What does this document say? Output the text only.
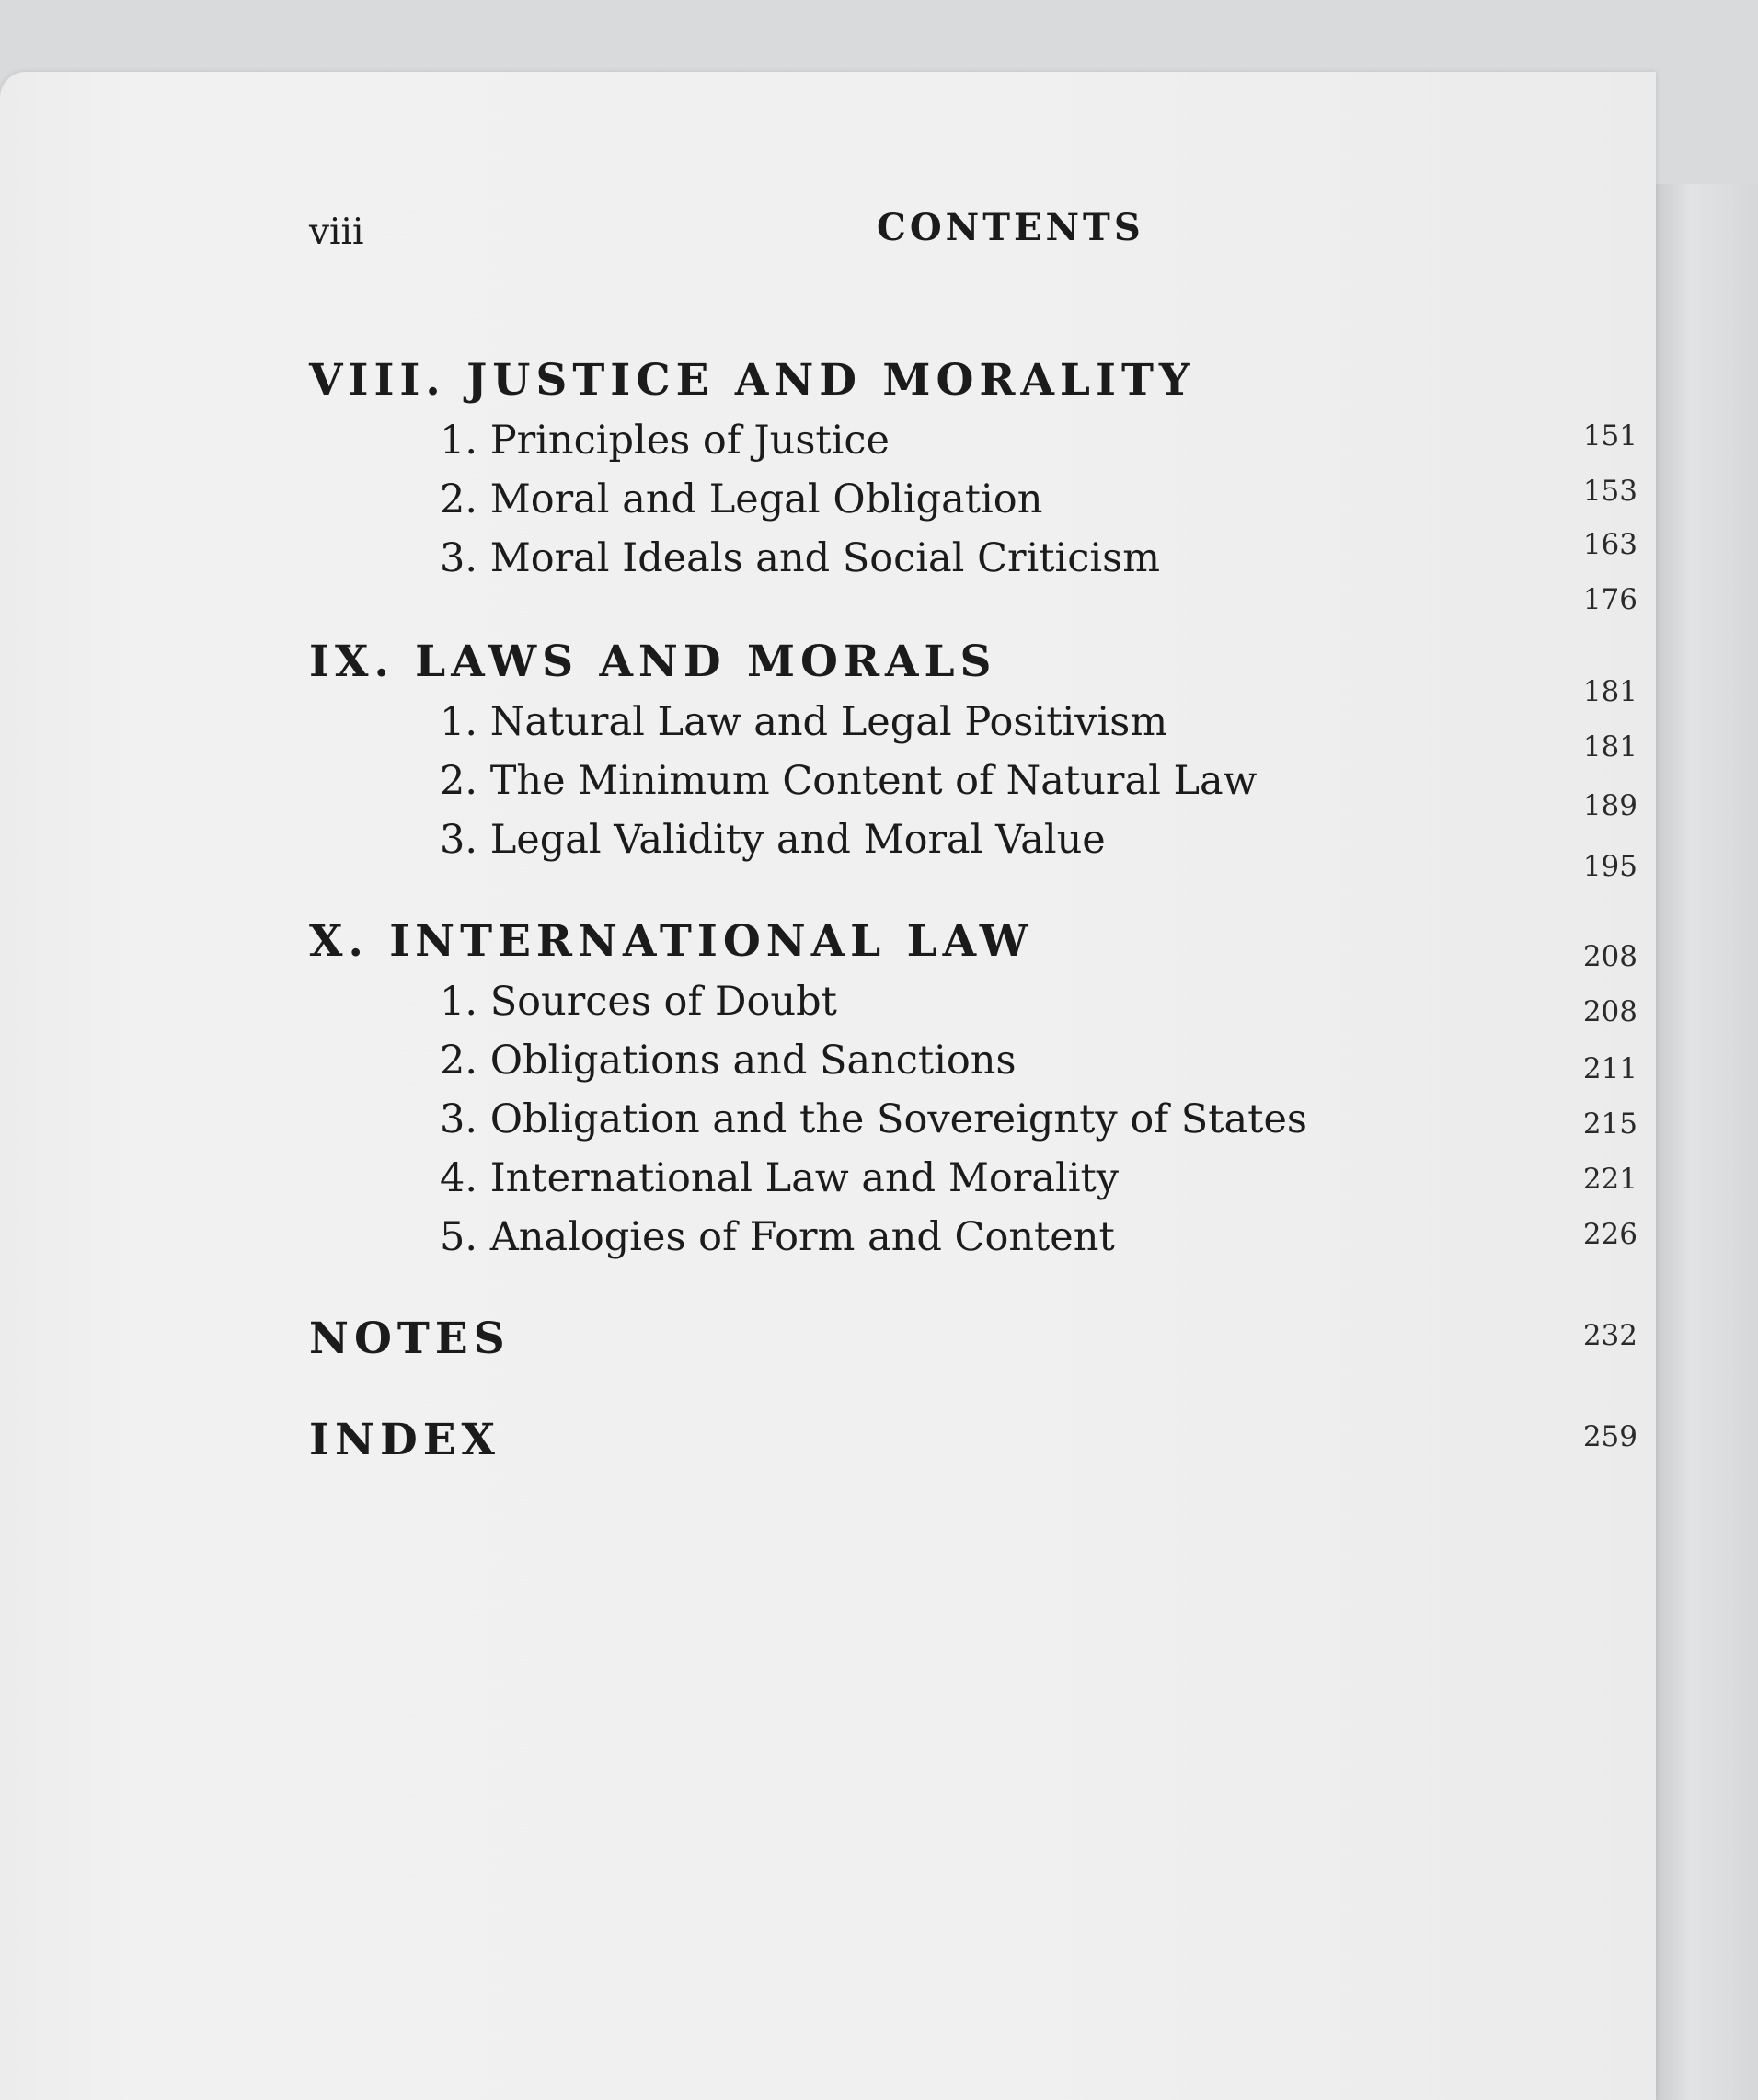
viii	CONTENTS
VIII. JUSTICE AND MORALITY
1. Principles of Justice
2. Moral and Legal Obligation
3. Moral Ideals and Social Criticism
IX. LAWS AND MORALS
1. Natural Law and Legal Positivism
2. The Minimum Content of Natural Law
3. Legal Validity and Moral Value
X. INTERNATIONAL LAW
1. Sources of Doubt
2. Obligations and Sanctions
3. Obligation and the Sovereignty of States
4. International Law and Morality
5. Analogies of Form and Content
NOTES
INDEX
151
153
163
176
181
181
189
195
208
208
211
215
221
226
232
259
